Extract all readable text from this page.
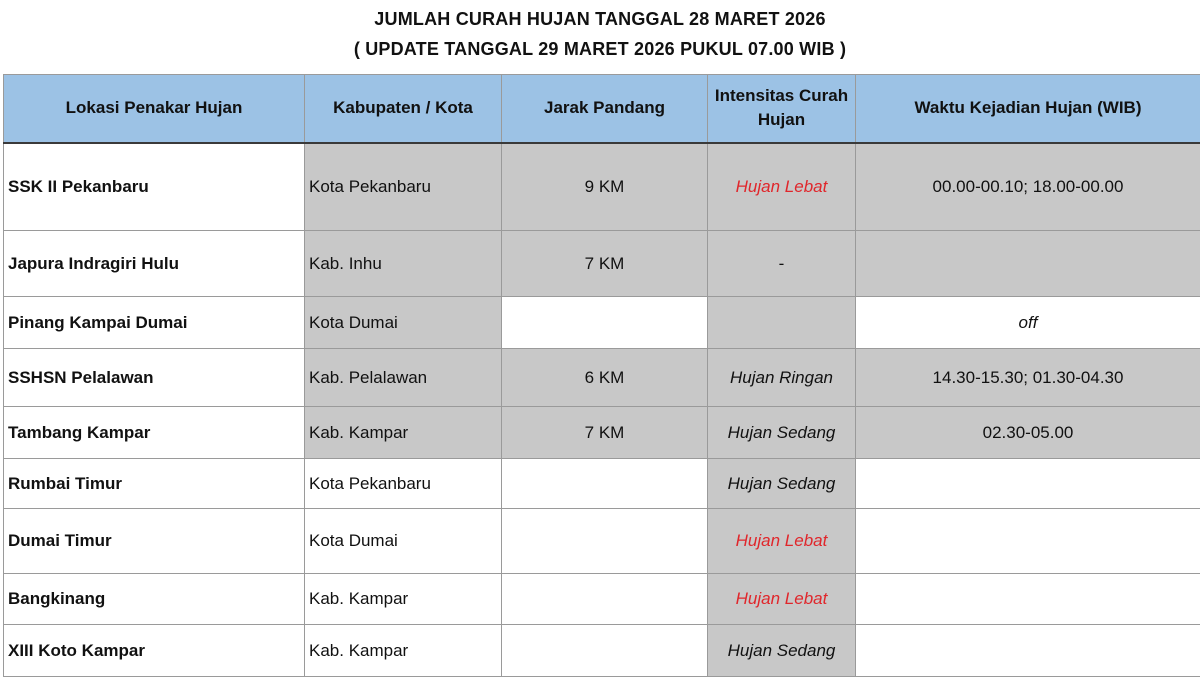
JUMLAH CURAH HUJAN TANGGAL 28 MARET 2026
( UPDATE TANGGAL 29 MARET 2026 PUKUL 07.00 WIB )
Lokasi Penakar Hujan	Kabupaten / Kota	Jarak Pandang	Intensitas Curah Hujan	Waktu Kejadian Hujan (WIB)
SSK II Pekanbaru	Kota Pekanbaru	9 KM	Hujan Lebat	00.00-00.10; 18.00-00.00
Japura Indragiri Hulu	Kab. Inhu	7 KM	-	
Pinang Kampai Dumai	Kota Dumai			off
SSHSN Pelalawan	Kab. Pelalawan	6 KM	Hujan Ringan	14.30-15.30; 01.30-04.30
Tambang Kampar	Kab. Kampar	7 KM	Hujan Sedang	02.30-05.00
Rumbai Timur	Kota Pekanbaru		Hujan Sedang	
Dumai Timur	Kota Dumai		Hujan Lebat	
Bangkinang	Kab. Kampar		Hujan Lebat	
XIII Koto Kampar	Kab. Kampar		Hujan Sedang	
